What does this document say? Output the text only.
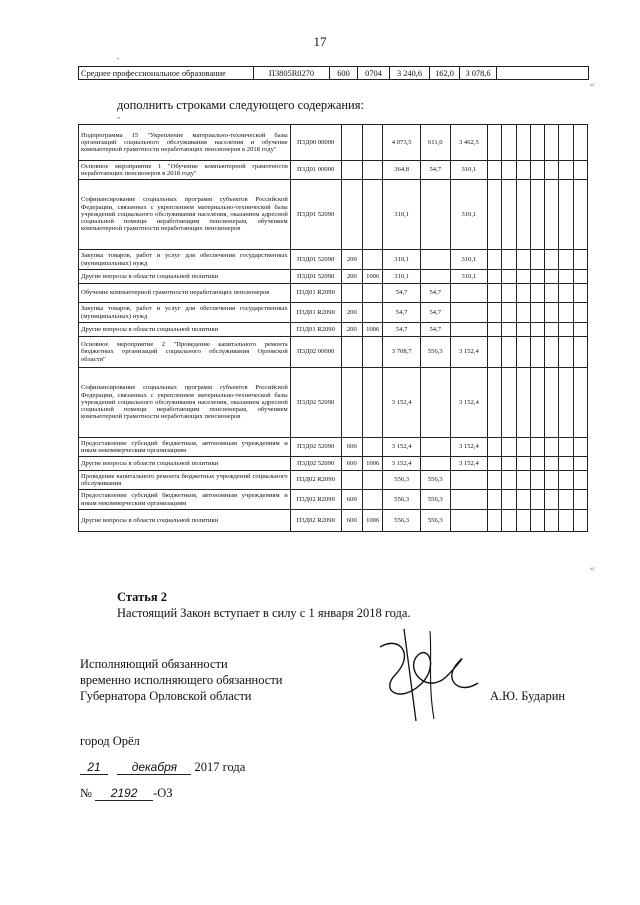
17
"
Среднее профессиональное образование	П3805R0270	600	0704	3 240,6	162,0	3 078,6	
»;
дополнить строками следующего содержания:
«
Подпрограмма 15 "Укрепление материально-технической базы организаций социального обслуживания населения и обучение компьютерной грамотности неработающих пенсионеров в 2018 году"	П3Д00 00000			4 073,5	611,0	3 462,5							
Основное мероприятие 1 "Обучение компьютерной грамотности неработающих пенсионеров в 2018 году"	П3Д01 00000			364,8	54,7	310,1							
Софинансирование социальных программ субъектов Российской Федерации, связанных с укреплением материально-технической базы учреждений социального обслуживания населения, оказанием адресной социальной помощи неработающим пенсионерам, обучением компьютерной грамотности неработающих пенсионеров	П3Д01 52090			310,1		310,1							
Закупка товаров, работ и услуг для обеспечения государственных (муниципальных) нужд	П3Д01 52090	200		310,1		310,1							
Другие вопросы в области социальной политики	П3Д01 52090	200	1006	310,1		310,1							
Обучение компьютерной грамотности неработающих пенсионеров	П3Д01 R2090			54,7	54,7								
Закупка товаров, работ и услуг для обеспечения государственных (муниципальных) нужд	П3Д01 R2090	200		54,7	54,7								
Другие вопросы в области социальной политики	П3Д01 R2090	200	1006	54,7	54,7								
Основное мероприятие 2 "Проведение капитального ремонта бюджетных организаций социального обслуживания Орловской области"	П3Д02 00000			3 708,7	556,3	3 152,4							
Софинансирование социальных программ субъектов Российской Федерации, связанных с укреплением материально-технической базы учреждений социального обслуживания населения, оказанием адресной социальной помощи неработающим пенсионерам, обучением компьютерной грамотности неработающих пенсионеров	П3Д02 52090			3 152,4		3 152,4							
Предоставление субсидий бюджетным, автономным учреждениям и иным некоммерческим организациям	П3Д02 52090	600		3 152,4		3 152,4							
Другие вопросы в области социальной политики	П3Д02 52090	600	1006	3 152,4		3 152,4							
Проведение капитального ремонта бюджетных учреждений социального обслуживания	П3Д02 R2090			556,3	556,3								
Предоставление субсидий бюджетным, автономным учреждениям и иным некоммерческим организациям	П3Д02 R2090	600		556,3	556,3								
Другие вопросы в области социальной политики	П3Д02 R2090	600	1006	556,3	556,3								
»;
Статья 2
Настоящий Закон вступает в силу с 1 января 2018 года.
Исполняющий обязанности
временно исполняющего обязанности
Губернатора Орловской области	А.Ю. Бударин
город Орёл
21	декабря 2017 года
№ 2192 -ОЗ
